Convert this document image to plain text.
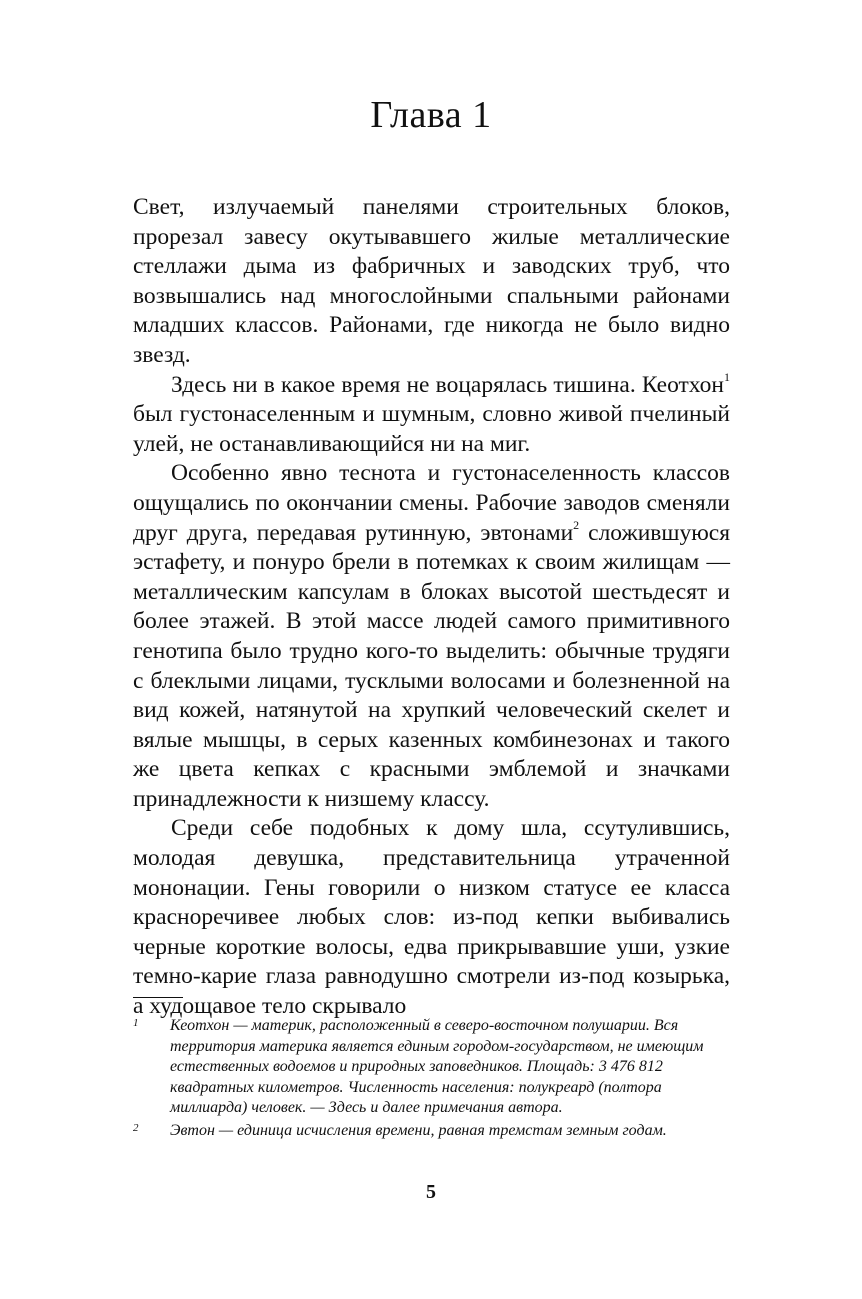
Глава 1

Свет, излучаемый панелями строительных блоков, прорезал завесу окутывавшего жилые металлические стеллажи дыма из фабричных и заводских труб, что возвышались над многослойными спальными районами младших классов. Районами, где никогда не было видно звезд.

Здесь ни в какое время не воцарялась тишина. Кеотхон$^1$ был густонаселенным и шумным, словно живой пчелиный улей, не останавливающийся ни на миг.

Особенно явно теснота и густонаселенность классов ощущались по окончании смены. Рабочие заводов сменяли друг друга, передавая рутинную, эвтонами$^2$ сложившуюся эстафету, и понуро брели в потемках к своим жилищам — металлическим капсулам в блоках высотой шестьдесят и более этажей. В этой массе людей самого примитивного генотипа было трудно кого-то выделить: обычные трудяги с блеклыми лицами, тусклыми волосами и болезненной на вид кожей, натянутой на хрупкий человеческий скелет и вялые мышцы, в серых казенных комбинезонах и такого же цвета кепках с красными эмблемой и значками принадлежности к низшему классу.

Среди себе подобных к дому шла, ссутулившись, молодая девушка, представительница утраченной мононации. Гены говорили о низком статусе ее класса красноречивее любых слов: из-под кепки выбивались черные короткие волосы, едва прикрывавшие уши, узкие темно-карие глаза равнодушно смотрели из-под козырька, а худощавое тело скрывало

1	Кеотхон — материк, расположенный в северо-восточном полушарии. Вся территория материка является единым городом-государством, не имеющим естественных водоемов и природных заповедников. Площадь: 3 476 812 квадратных километров. Численность населения: полукреард (полтора миллиарда) человек. — Здесь и далее примечания автора.
2	Эвтон — единица исчисления времени, равная тремстам земным годам.
5
